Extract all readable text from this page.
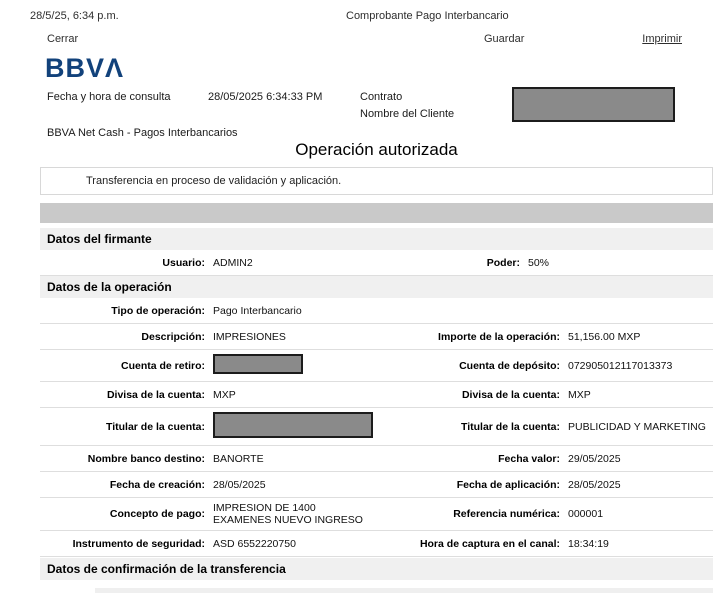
28/5/25, 6:34 p.m.	Comprobante Pago Interbancario
Cerrar	Guardar	Imprimir
BBVΛ
Fecha y hora de consulta	28/05/2025 6:34:33 PM	Contrato
Nombre del Cliente
BBVA Net Cash - Pagos Interbancarios
Operación autorizada
Transferencia en proceso de validación y aplicación.
Datos del firmante
Usuario: ADMIN2	Poder: 50%
Datos de la operación
Tipo de operación: Pago Interbancario
Descripción: IMPRESIONES	Importe de la operación: 51,156.00 MXP
Cuenta de retiro:	Cuenta de depósito: 072905012117013373
Divisa de la cuenta: MXP	Divisa de la cuenta: MXP
Titular de la cuenta:	Titular de la cuenta: PUBLICIDAD Y MARKETING
Nombre banco destino: BANORTE	Fecha valor: 29/05/2025
Fecha de creación: 28/05/2025	Fecha de aplicación: 28/05/2025
Concepto de pago: IMPRESION DE 1400 EXAMENES NUEVO INGRESO	Referencia numérica: 000001
Instrumento de seguridad: ASD 6552220750	Hora de captura en el canal: 18:34:19
Datos de confirmación de la transferencia
